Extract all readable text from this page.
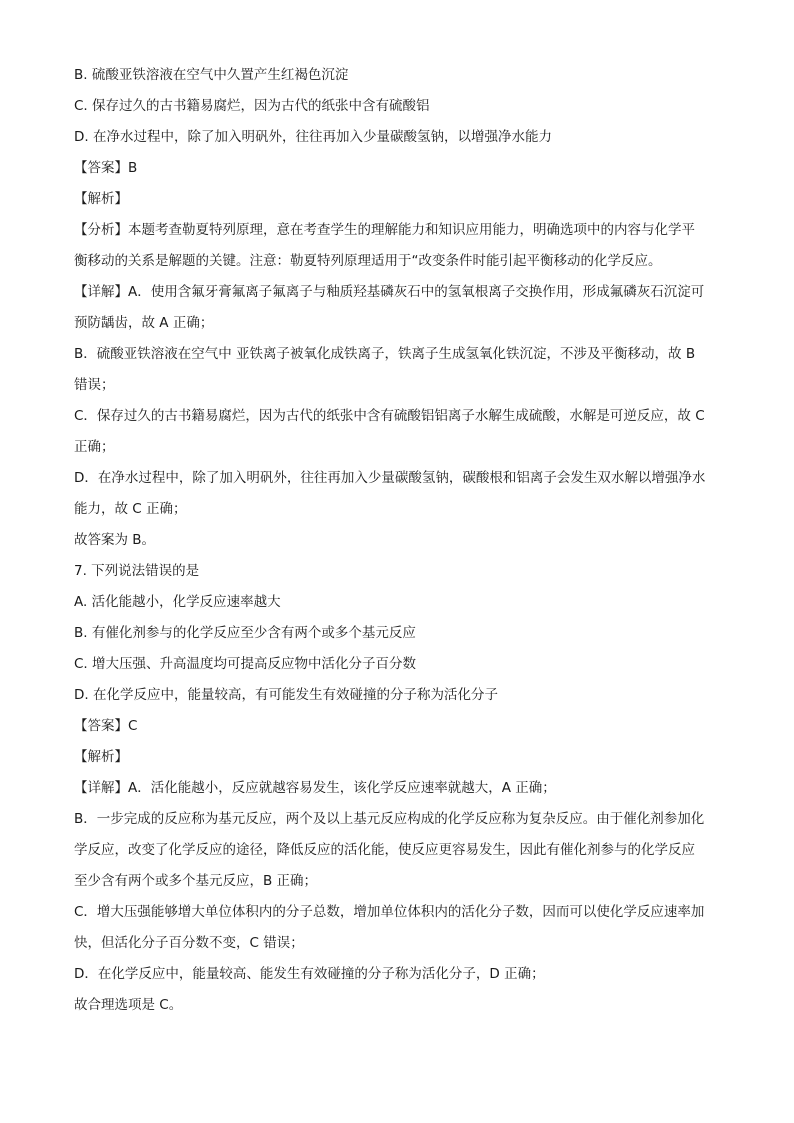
B. 硫酸亚铁溶液在空气中久置产生红褐色沉淀
C. 保存过久的古书籍易腐烂，因为古代的纸张中含有硫酸铝
D. 在净水过程中，除了加入明矾外，往往再加入少量碳酸氢钠，以增强净水能力
【答案】B
【解析】
【分析】本题考查勒夏特列原理，意在考查学生的理解能力和知识应用能力，明确选项中的内容与化学平
衡移动的关系是解题的关键。注意：勒夏特列原理适用于“改变条件时能引起平衡移动的化学反应。
【详解】A．使用含氟牙膏氟离子氟离子与釉质羟基磷灰石中的氢氧根离子交换作用，形成氟磷灰石沉淀可
预防龋齿，故 A 正确；
B．硫酸亚铁溶液在空气中 亚铁离子被氧化成铁离子，铁离子生成氢氧化铁沉淀，不涉及平衡移动，故 B
错误；
C．保存过久的古书籍易腐烂，因为古代的纸张中含有硫酸铝铝离子水解生成硫酸，水解是可逆反应，故 C
正确；
D．在净水过程中，除了加入明矾外，往往再加入少量碳酸氢钠，碳酸根和铝离子会发生双水解以增强净水
能力，故 C 正确；
故答案为 B。
7. 下列说法错误的是
A. 活化能越小，化学反应速率越大
B. 有催化剂参与的化学反应至少含有两个或多个基元反应
C. 增大压强、升高温度均可提高反应物中活化分子百分数
D. 在化学反应中，能量较高，有可能发生有效碰撞的分子称为活化分子
【答案】C
【解析】
【详解】A．活化能越小，反应就越容易发生，该化学反应速率就越大，A 正确；
B．一步完成的反应称为基元反应，两个及以上基元反应构成的化学反应称为复杂反应。由于催化剂参加化
学反应，改变了化学反应的途径，降低反应的活化能，使反应更容易发生，因此有催化剂参与的化学反应
至少含有两个或多个基元反应，B 正确；
C．增大压强能够增大单位体积内的分子总数，增加单位体积内的活化分子数，因而可以使化学反应速率加
快，但活化分子百分数不变，C 错误；
D．在化学反应中，能量较高、能发生有效碰撞的分子称为活化分子，D 正确；
故合理选项是 C。
